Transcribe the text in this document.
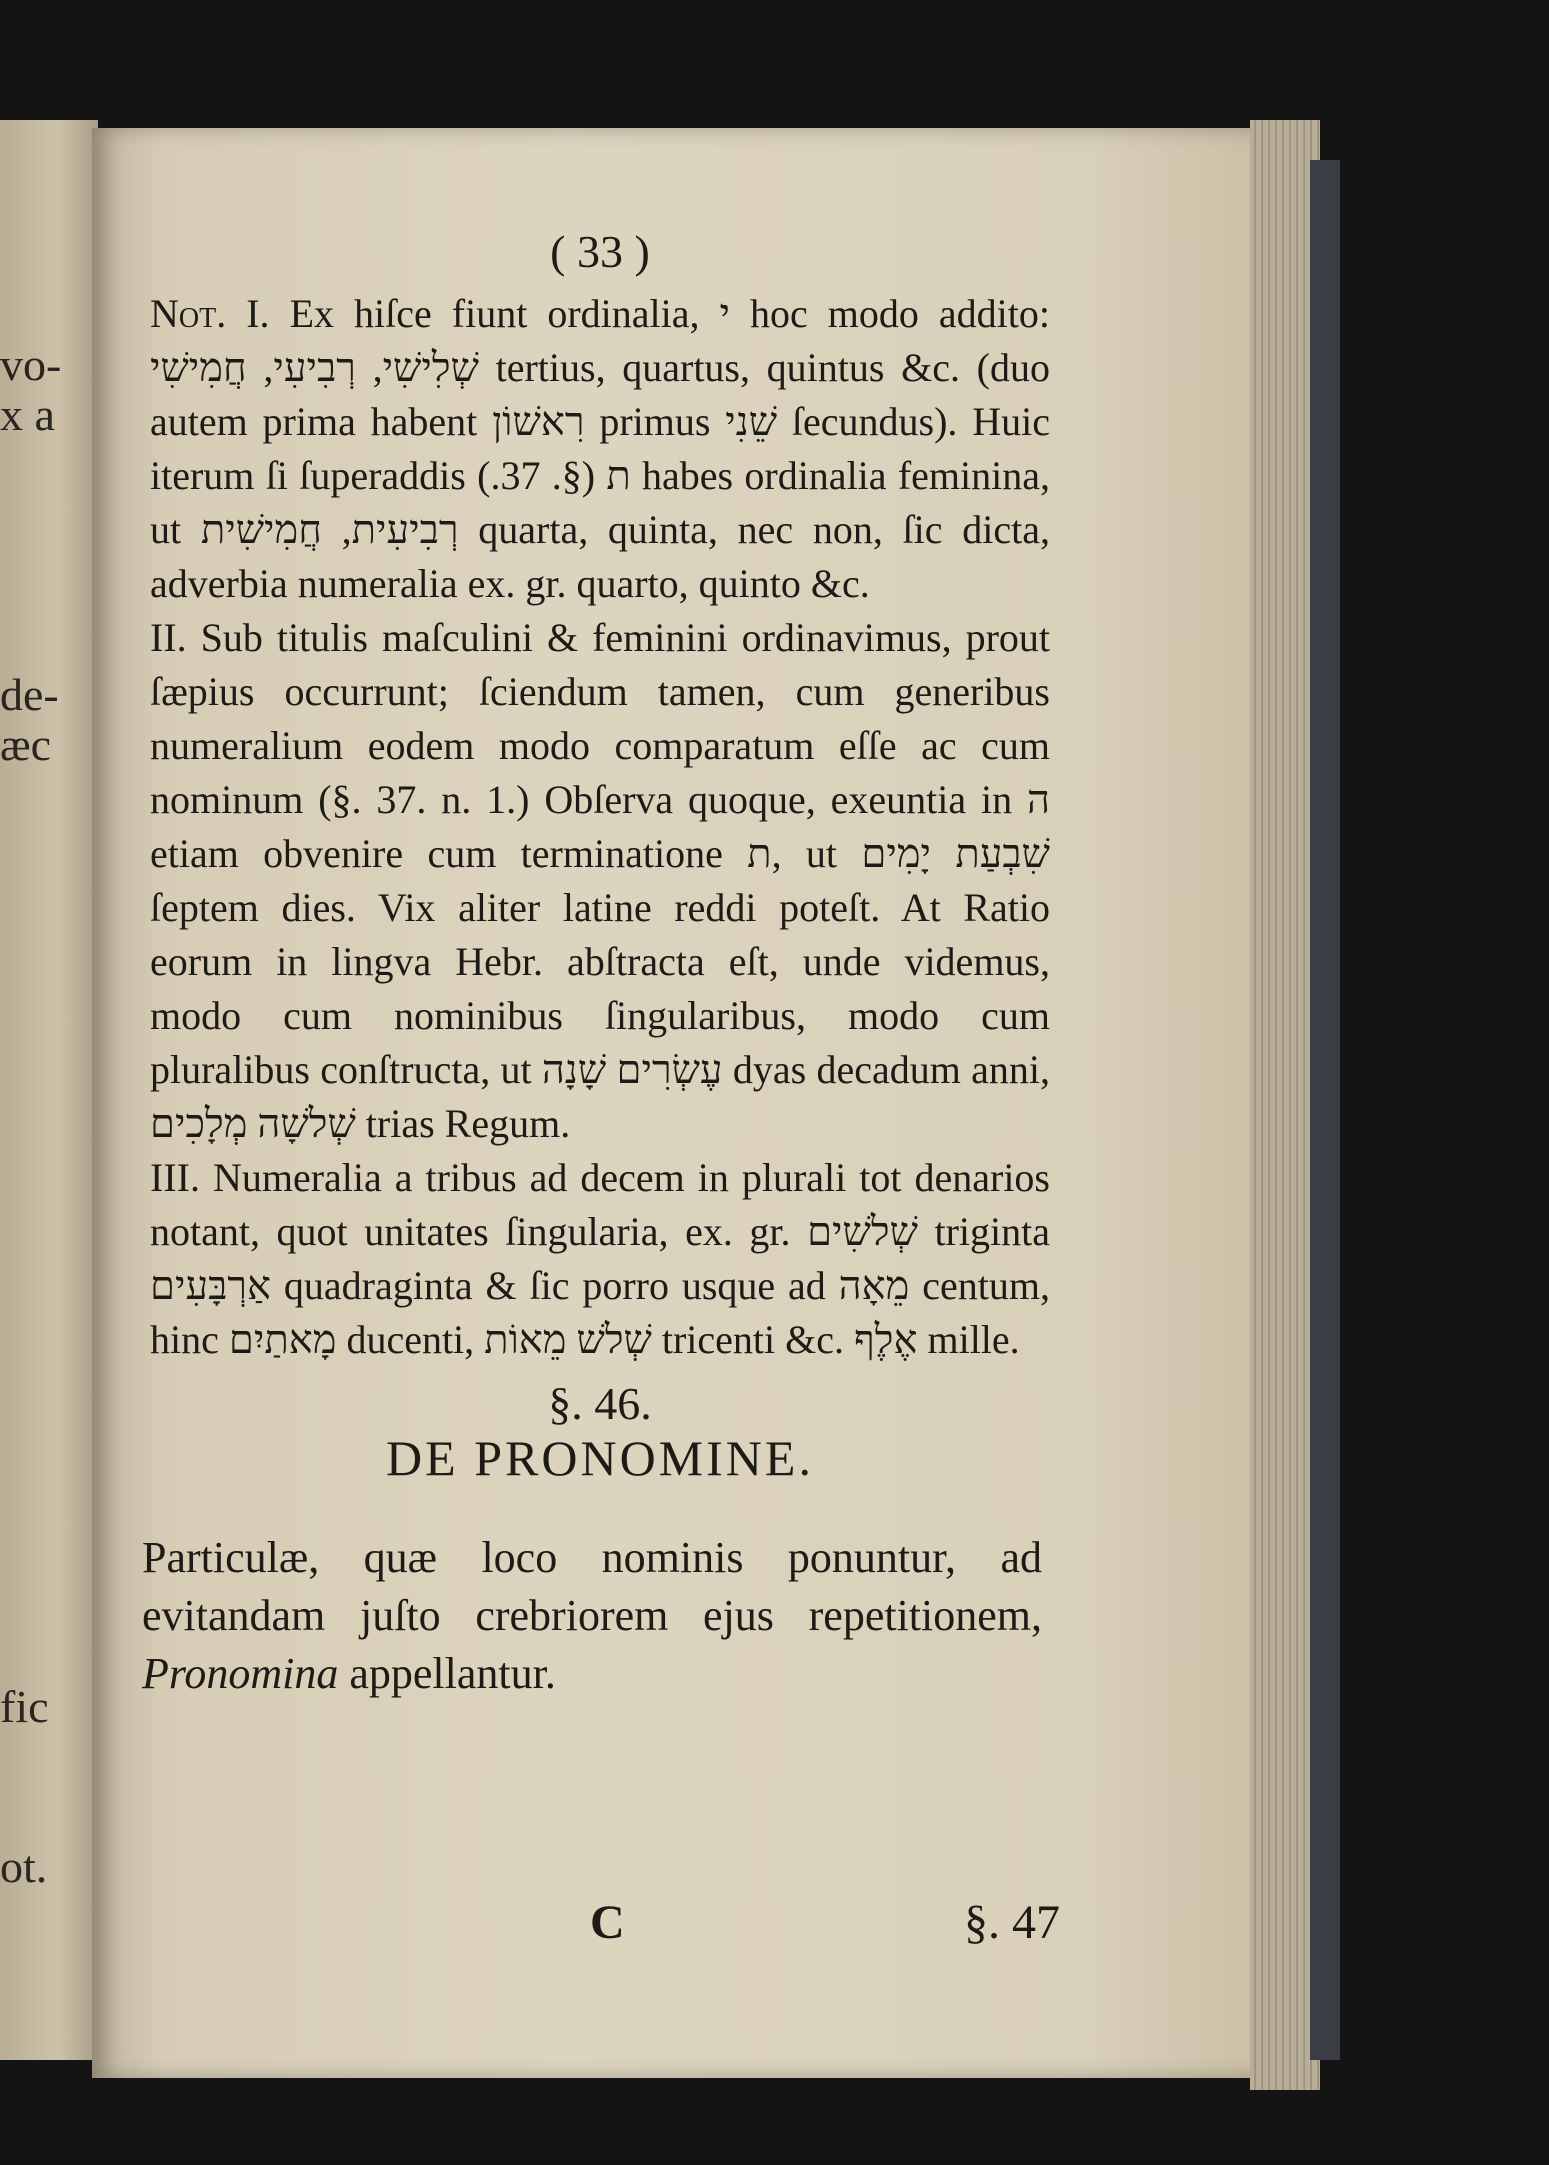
vo-
x a
de-
æc
fic
ot.
( 33 )

Not. I. Ex hiſce fiunt ordinalia, י hoc modo addito: שְׁלִישִׁי, רְבִיעִי, חֲמִישִׁי tertius, quartus, quintus &c. (duo autem prima habent רִאשׁוֹן primus שֵׁנִי ſecundus). Huic iterum ſi ſuperaddis ת (§. 37.) habes ordinalia feminina, ut רְבִיעִית, חֲמִישִׁית quarta, quinta, nec non, ſic dicta, adverbia numeralia ex. gr. quarto, quinto &c.

II. Sub titulis maſculini & feminini ordinavimus, prout ſæpius occurrunt; ſciendum tamen, cum generibus numeralium eodem modo comparatum eſſe ac cum nominum (§. 37. n. 1.) Obſerva quoque, exeuntia in ה etiam obvenire cum terminatione ת, ut שִׁבְעַת יָמִים ſeptem dies. Vix aliter latine reddi poteſt. At Ratio eorum in lingva Hebr. abſtracta eſt, unde videmus, modo cum nominibus ſingularibus, modo cum pluralibus conſtructa, ut עֶשְׂרִים שָׁנָה dyas decadum anni, שְׁלשָׁה מְלָכִים trias Regum.

III. Numeralia a tribus ad decem in plurali tot denarios notant, quot unitates ſingularia, ex. gr. שְׁלשִׁים triginta אַרְבָּעִים quadraginta & ſic porro usque ad מֵאָה centum, hinc מָאתַיִם ducenti, שְׁלשׁ מֵאוֹת tricenti &c. אֶלֶף mille.

§. 46.
DE PRONOMINE.

Particulæ, quæ loco nominis ponuntur, ad evitandam juſto crebriorem ejus repetitionem, Pronomina appellantur.

C	§. 47
